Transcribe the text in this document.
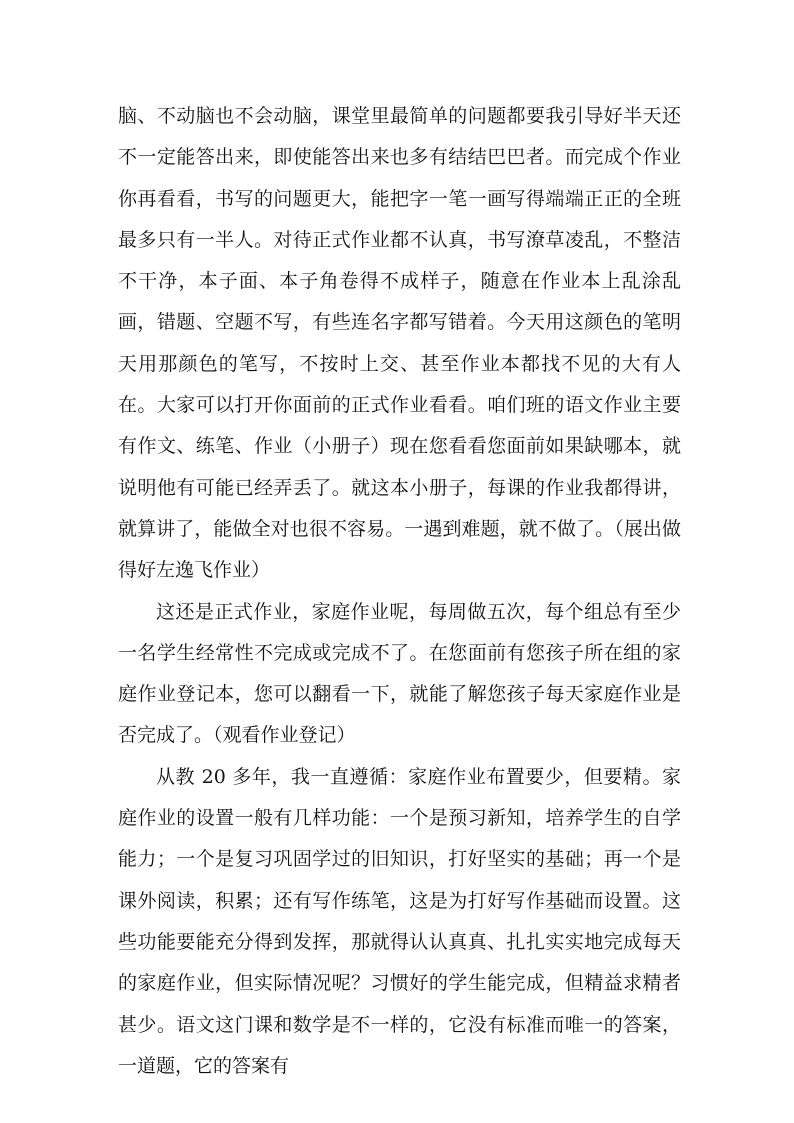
脑、不动脑也不会动脑，课堂里最简单的问题都要我引导好半天还不一定能答出来，即使能答出来也多有结结巴巴者。而完成个作业你再看看，书写的问题更大，能把字一笔一画写得端端正正的全班最多只有一半人。对待正式作业都不认真，书写潦草凌乱，不整洁不干净，本子面、本子角卷得不成样子，随意在作业本上乱涂乱画，错题、空题不写，有些连名字都写错着。今天用这颜色的笔明天用那颜色的笔写，不按时上交、甚至作业本都找不见的大有人在。大家可以打开你面前的正式作业看看。咱们班的语文作业主要有作文、练笔、作业（小册子）现在您看看您面前如果缺哪本，就说明他有可能已经弄丢了。就这本小册子，每课的作业我都得讲，就算讲了，能做全对也很不容易。一遇到难题，就不做了。（展出做得好左逸飞作业）

这还是正式作业，家庭作业呢，每周做五次，每个组总有至少一名学生经常性不完成或完成不了。在您面前有您孩子所在组的家庭作业登记本，您可以翻看一下，就能了解您孩子每天家庭作业是否完成了。（观看作业登记）

从教 20 多年，我一直遵循：家庭作业布置要少，但要精。家庭作业的设置一般有几样功能：一个是预习新知，培养学生的自学能力；一个是复习巩固学过的旧知识，打好坚实的基础；再一个是课外阅读，积累；还有写作练笔，这是为打好写作基础而设置。这些功能要能充分得到发挥，那就得认认真真、扎扎实实地完成每天的家庭作业，但实际情况呢？习惯好的学生能完成，但精益求精者甚少。语文这门课和数学是不一样的，它没有标准而唯一的答案，一道题，它的答案有
